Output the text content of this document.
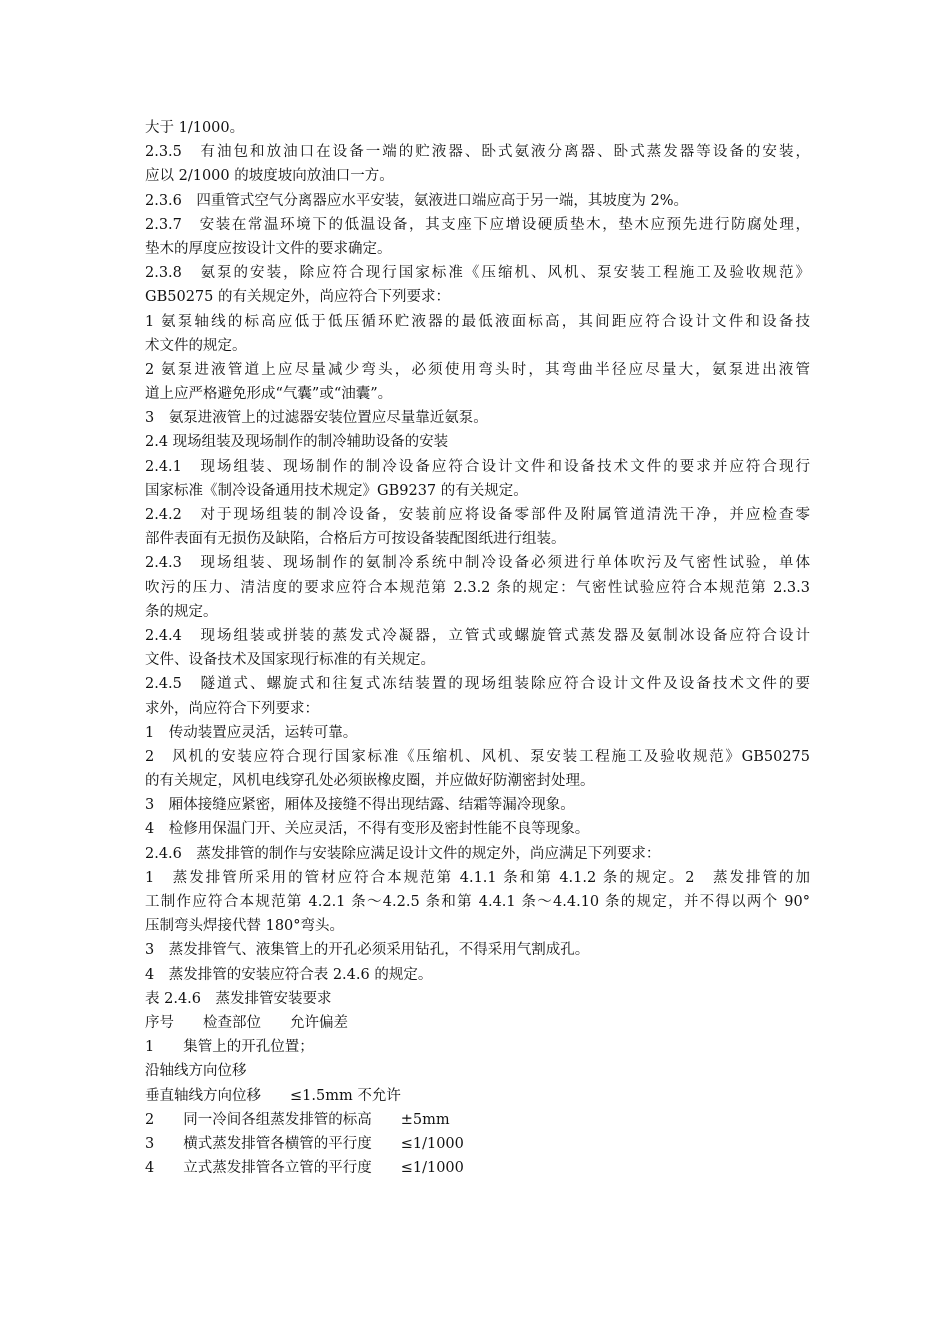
大于 1/1000。
2.3.5　有油包和放油口在设备一端的贮液器、卧式氨液分离器、卧式蒸发器等设备的安装，
应以 2/1000 的坡度坡向放油口一方。
2.3.6　四重管式空气分离器应水平安装，氨液进口端应高于另一端，其坡度为 2%。
2.3.7　安装在常温环境下的低温设备，其支座下应增设硬质垫木，垫木应预先进行防腐处理，
垫木的厚度应按设计文件的要求确定。
2.3.8　氨泵的安装，除应符合现行国家标准《压缩机、风机、泵安装工程施工及验收规范》
GB50275 的有关规定外，尚应符合下列要求：
1 氨泵轴线的标高应低于低压循环贮液器的最低液面标高，其间距应符合设计文件和设备技
术文件的规定。
2 氨泵进液管道上应尽量减少弯头，必须使用弯头时，其弯曲半径应尽量大，氨泵进出液管
道上应严格避免形成“气囊”或“油囊”。
3　氨泵进液管上的过滤器安装位置应尽量靠近氨泵。
2.4 现场组装及现场制作的制冷辅助设备的安装
2.4.1　现场组装、现场制作的制冷设备应符合设计文件和设备技术文件的要求并应符合现行
国家标准《制冷设备通用技术规定》GB9237 的有关规定。
2.4.2　对于现场组装的制冷设备，安装前应将设备零部件及附属管道清洗干净，并应检查零
部件表面有无损伤及缺陷，合格后方可按设备装配图纸进行组装。
2.4.3　现场组装、现场制作的氨制冷系统中制冷设备必须进行单体吹污及气密性试验，单体
吹污的压力、清洁度的要求应符合本规范第 2.3.2 条的规定：气密性试验应符合本规范第 2.3.3
条的规定。
2.4.4　现场组装或拼装的蒸发式冷凝器，立管式或螺旋管式蒸发器及氨制冰设备应符合设计
文件、设备技术及国家现行标准的有关规定。
2.4.5　隧道式、螺旋式和往复式冻结装置的现场组装除应符合设计文件及设备技术文件的要
求外，尚应符合下列要求：
1　传动装置应灵活，运转可靠。
2　风机的安装应符合现行国家标准《压缩机、风机、泵安装工程施工及验收规范》GB50275
的有关规定，风机电线穿孔处必须嵌橡皮圈，并应做好防潮密封处理。
3　厢体接缝应紧密，厢体及接缝不得出现结露、结霜等漏冷现象。
4　检修用保温门开、关应灵活，不得有变形及密封性能不良等现象。
2.4.6　蒸发排管的制作与安装除应满足设计文件的规定外，尚应满足下列要求：
1　蒸发排管所采用的管材应符合本规范第 4.1.1 条和第 4.1.2 条的规定。2　蒸发排管的加
工制作应符合本规范第 4.2.1 条～4.2.5 条和第 4.4.1 条～4.4.10 条的规定，并不得以两个 90°
压制弯头焊接代替 180°弯头。
3　蒸发排管气、液集管上的开孔必须采用钻孔，不得采用气割成孔。
4　蒸发排管的安装应符合表 2.4.6 的规定。
表 2.4.6　蒸发排管安装要求
序号　　检查部位　　允许偏差
1　　集管上的开孔位置；
沿轴线方向位移
垂直轴线方向位移　　≤1.5mm 不允许
2　　同一冷间各组蒸发排管的标高　　±5mm
3　　横式蒸发排管各横管的平行度　　≤1/1000
4　　立式蒸发排管各立管的平行度　　≤1/1000
